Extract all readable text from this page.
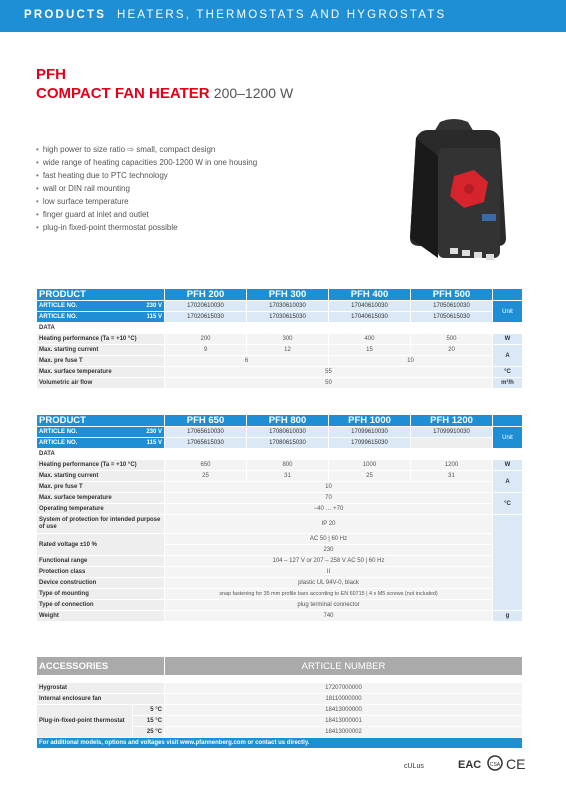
PRODUCTS HEATERS, THERMOSTATS AND HYGROSTATS
PFH
COMPACT FAN HEATER 200–1200 W
• high power to size ratio ⇨ small, compact design
• wide range of heating capacities 200-1200 W in one housing
• fast heating due to PTC technology
• wall or DIN rail mounting
• low surface temperature
• finger guard at inlet and outlet
• plug-in fixed-point thermostat possible
PRODUCT	PFH 200	PFH 300	PFH 400	PFH 500	
ARTICLE NO. 230 V	17020610030	17030610030	17040610030	17050610030	Unit
ARTICLE NO. 115 V	17020615030	17030615030	17040615030	17050615030	
DATA					
Heating performance (Ta = +10 °C)	200	300	400	500	W
Max. starting current	9	12	15	20	A
Max. pre fuse T	6		10		
Max. surface temperature	55				°C
Volumetric air flow	50				m³/h
PRODUCT	PFH 650	PFH 800	PFH 1000	PFH 1200	
ARTICLE NO. 230 V	17065610030	17080610030	17099610030	17099910030	Unit
ARTICLE NO. 115 V	17065615030	17080615030	17099615030		
DATA					
Heating performance (Ta = +10 °C)	650	800	1000	1200	W
Max. starting current	25	31	25	31	A
Max. pre fuse T	10				
Max. surface temperature	70				°C
Operating temperature	−40 … +70				
System of protection for intended purpose of use	IP 20				
Rated voltage ±10 %	AC 50 | 60 Hz				
	230				
Functional range	104 – 127 V or 207 – 258 V AC 50 | 60 Hz				
Protection class	II				
Device construction	plastic UL 94V-0, black				
Type of mounting	snap fastening for 35 mm profile bars according to EN 60715 | 4 x M5 screws (not included)				
Type of connection	plug terminal connector				
Weight	740				g
ACCESSORIES		ARTICLE NUMBER

Hygrostat		17207000000
Internal enclosure fan		18110000000
Plug-in-fixed-point thermostat	5 °C	18413000000
	15 °C	18413000001
	25 °C	18413000002
For additional models, options and voltages visit www.pfannenberg.com or contact us directly.		
cULus	EAC CSA CE
